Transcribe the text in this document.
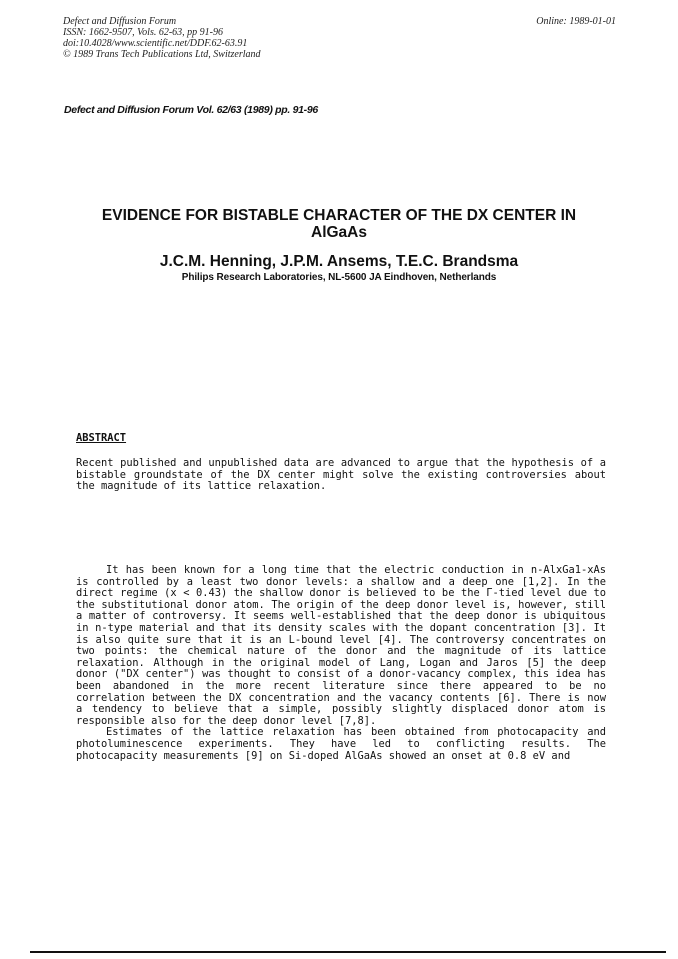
Defect and Diffusion Forum
ISSN: 1662-9507, Vols. 62-63, pp 91-96
doi:10.4028/www.scientific.net/DDF.62-63.91
© 1989 Trans Tech Publications Ltd, Switzerland
Online: 1989-01-01
Defect and Diffusion Forum Vol. 62/63 (1989) pp. 91-96
EVIDENCE FOR BISTABLE CHARACTER OF THE DX CENTER IN
AlGaAs
J.C.M. Henning, J.P.M. Ansems, T.E.C. Brandsma
Philips Research Laboratories, NL-5600 JA Eindhoven, Netherlands
ABSTRACT

Recent published and unpublished data are advanced to argue that the hypothesis of a bistable groundstate of the DX center might solve the existing controversies about the magnitude of its lattice relaxation.

It has been known for a long time that the electric conduction in n-AlxGa1-xAs is controlled by a least two donor levels: a shallow and a deep one [1,2]. In the direct regime (x < 0.43) the shallow donor is believed to be the Γ-tied level due to the substitutional donor atom. The origin of the deep donor level is, however, still a matter of controversy. It seems well-established that the deep donor is ubiquitous in n-type material and that its density scales with the dopant concentration [3]. It is also quite sure that it is an L-bound level [4]. The controversy concentrates on two points: the chemical nature of the donor and the magnitude of its lattice relaxation. Although in the original model of Lang, Logan and Jaros [5] the deep donor ("DX center") was thought to consist of a donor-vacancy complex, this idea has been abandoned in the more recent literature since there appeared to be no correlation between the DX concentration and the vacancy contents [6]. There is now a tendency to believe that a simple, possibly slightly displaced donor atom is responsible also for the deep donor level [7,8].

Estimates of the lattice relaxation has been obtained from photocapacity and photoluminescence experiments. They have led to conflicting results. The photocapacity measurements [9] on Si-doped AlGaAs showed an onset at 0.8 eV and
